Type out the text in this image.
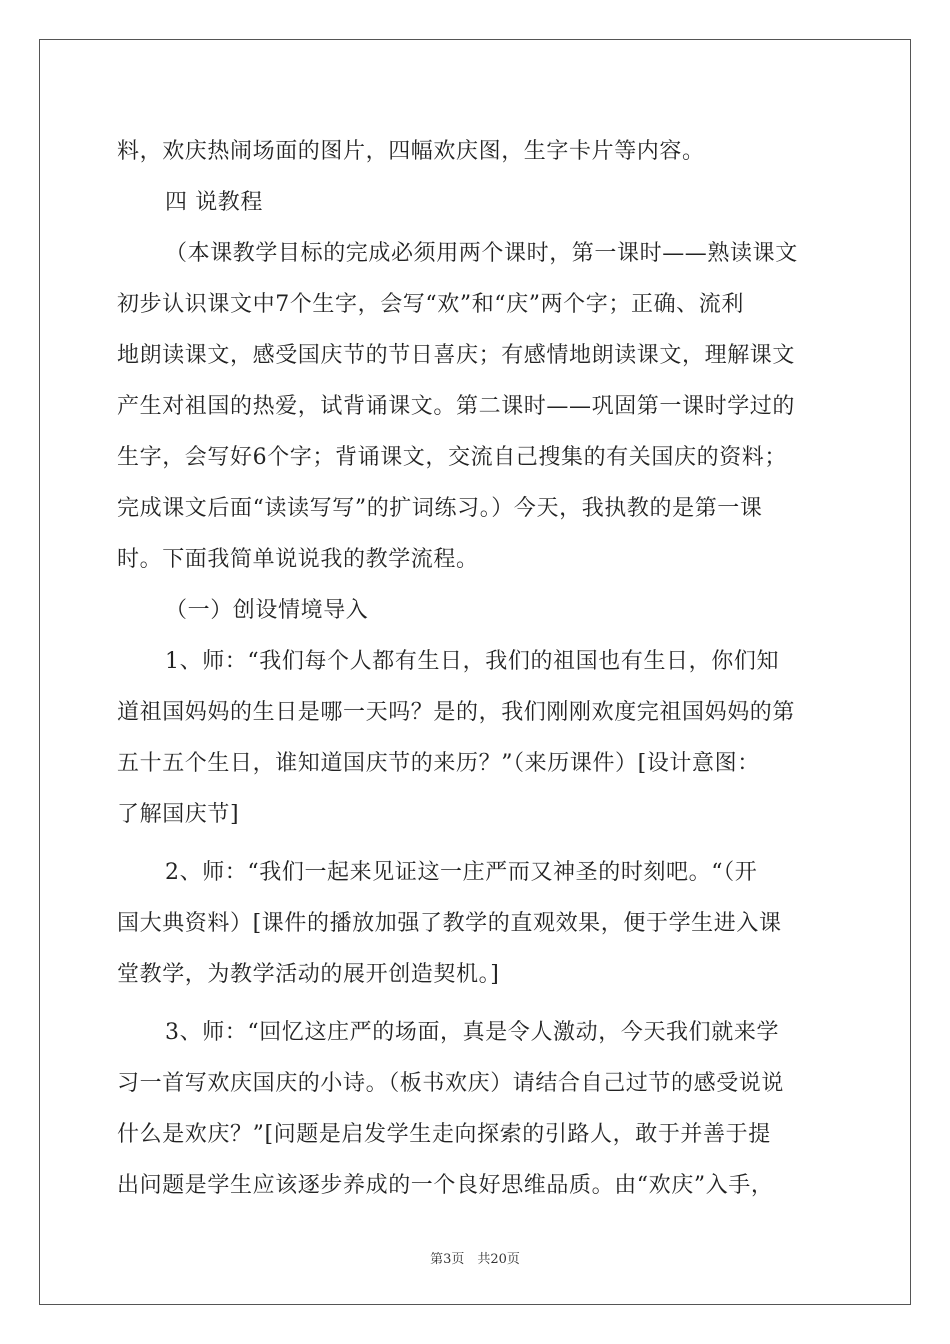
料，欢庆热闹场面的图片，四幅欢庆图，生字卡片等内容。
四 说教程
（本课教学目标的完成必须用两个课时，第一课时——熟读课文
初步认识课文中7个生字，会写“欢”和“庆”两个字；正确、流利
地朗读课文，感受国庆节的节日喜庆；有感情地朗读课文，理解课文
产生对祖国的热爱，试背诵课文。第二课时——巩固第一课时学过的
生字，会写好6个字；背诵课文，交流自己搜集的有关国庆的资料；
完成课文后面“读读写写”的扩词练习。）今天，我执教的是第一课
时。下面我简单说说我的教学流程。
（一）创设情境导入
1、师：“我们每个人都有生日，我们的祖国也有生日，你们知
道祖国妈妈的生日是哪一天吗？是的，我们刚刚欢度完祖国妈妈的第
五十五个生日，谁知道国庆节的来历？”（来历课件）[设计意图：
了解国庆节]
2、师：“我们一起来见证这一庄严而又神圣的时刻吧。“（开
国大典资料）[课件的播放加强了教学的直观效果，便于学生进入课
堂教学，为教学活动的展开创造契机。]
3、师：“回忆这庄严的场面，真是令人激动，今天我们就来学
习一首写欢庆国庆的小诗。（板书欢庆）请结合自己过节的感受说说
什么是欢庆？”[问题是启发学生走向探索的引路人，敢于并善于提
出问题是学生应该逐步养成的一个良好思维品质。由“欢庆”入手，
第3页　共20页
